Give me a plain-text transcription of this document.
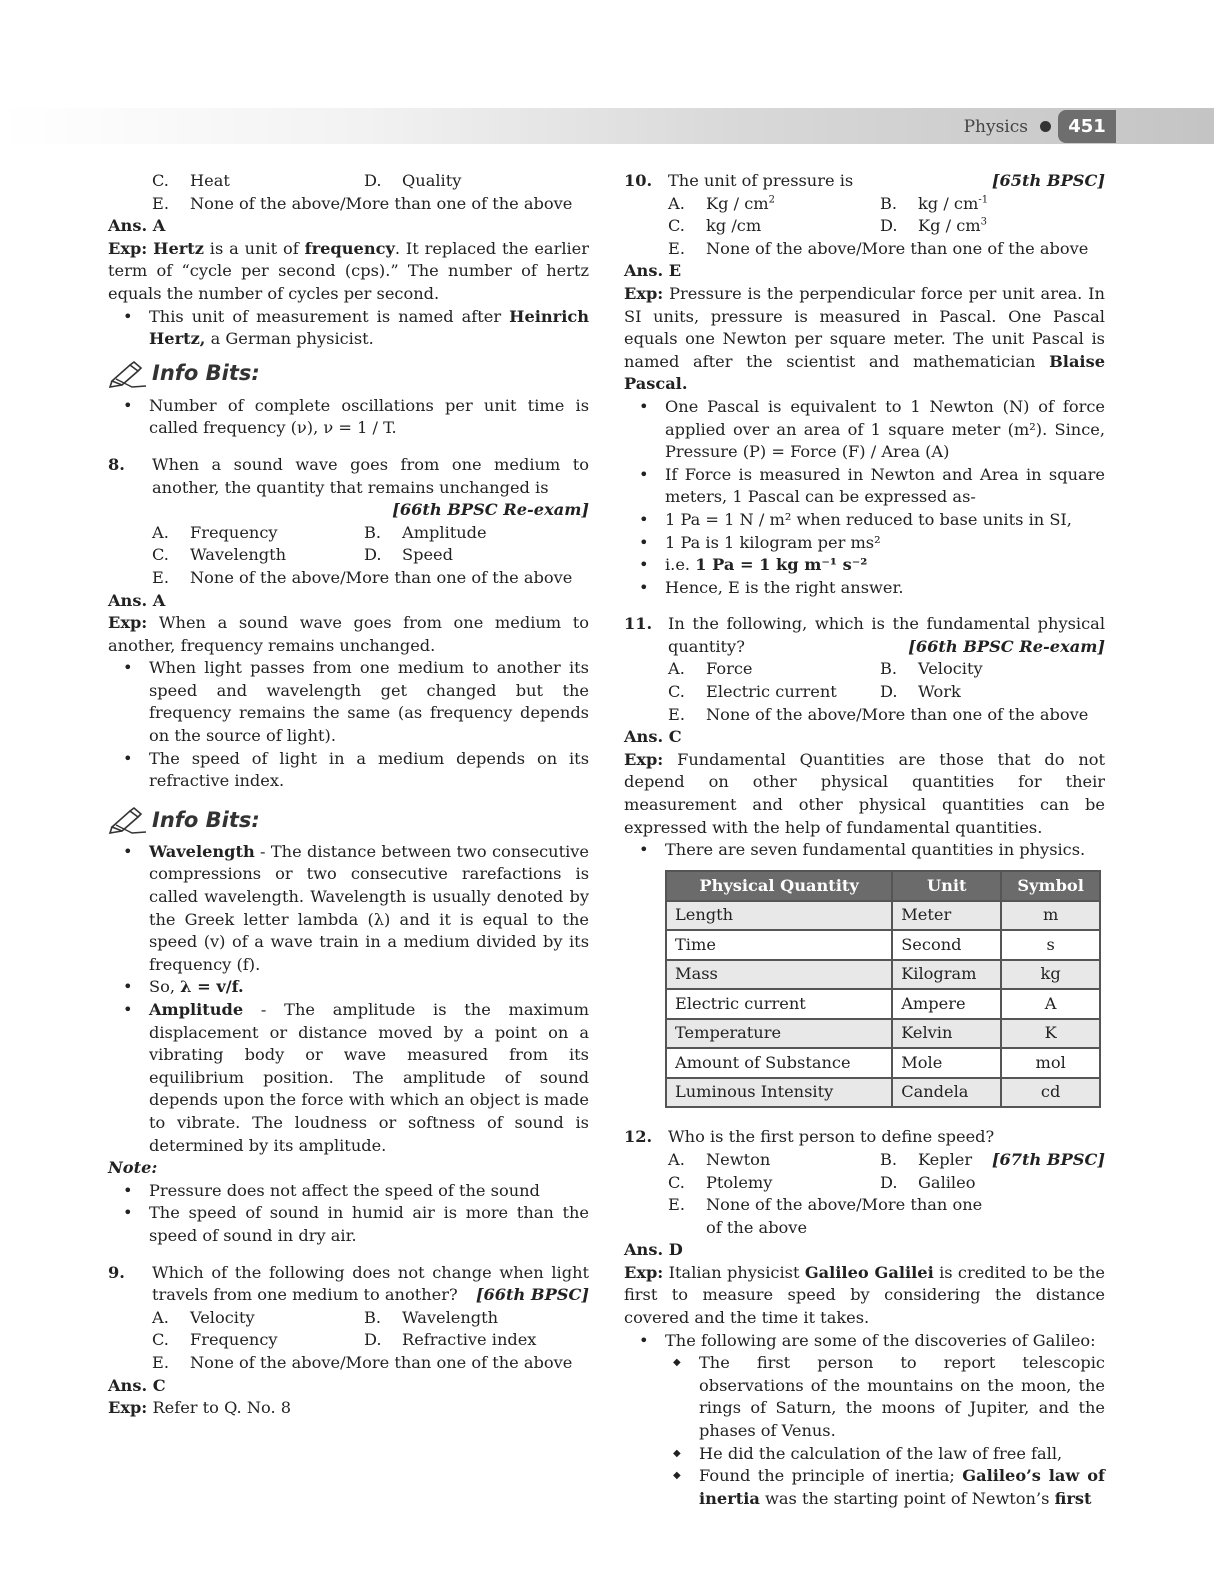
Physics	451
C.	Heat	D.	Quality
E.	None of the above/More than one of the above

Ans. A

Exp: Hertz is a unit of frequency. It replaced the earlier term of “cycle per second (cps).” The number of hertz equals the number of cycles per second.

• This unit of measurement is named after Heinrich Hertz, a German physicist.
Info Bits:
• Number of complete oscillations per unit time is called frequency (ν), ν = 1 / T.
8.	When a sound wave goes from one medium to another, the quantity that remains unchanged is

[66th BPSC Re-exam]

A.	Frequency	B.	Amplitude
C.	Wavelength	D.	Speed
E.	None of the above/More than one of the above

Ans. A

Exp: When a sound wave goes from one medium to another, frequency remains unchanged.

• When light passes from one medium to another its speed and wavelength get changed but the frequency remains the same (as frequency depends on the source of light).
• The speed of light in a medium depends on its refractive index.
Info Bits:
• Wavelength - The distance between two consecutive compressions or two consecutive rarefactions is called wavelength. Wavelength is usually denoted by the Greek letter lambda (λ) and it is equal to the speed (v) of a wave train in a medium divided by its frequency (f).
• So, λ = v/f.
• Amplitude - The amplitude is the maximum displacement or distance moved by a point on a vibrating body or wave measured from its equilibrium position. The amplitude of sound depends upon the force with which an object is made to vibrate. The loudness or softness of sound is determined by its amplitude.

Note:

• Pressure does not affect the speed of the sound
• The speed of sound in humid air is more than the speed of sound in dry air.
9.	Which of the following does not change when light travels from one medium to another? [66th BPSC]

A.	Velocity	B.	Wavelength
C.	Frequency	D.	Refractive index
E.	None of the above/More than one of the above

Ans. C

Exp: Refer to Q. No. 8

10. The unit of pressure is	[65th BPSC]

A.	Kg / $cm^2$	B.	kg / $cm^{-1}$
C.	kg /cm	D.	Kg / $cm^3$
E.	None of the above/More than one of the above

Ans. E

Exp: Pressure is the perpendicular force per unit area. In SI units, pressure is measured in Pascal. One Pascal equals one Newton per square meter. The unit Pascal is named after the scientist and mathematician Blaise Pascal.

• One Pascal is equivalent to 1 Newton (N) of force applied over an area of 1 square meter (m²). Since, Pressure (P) = Force (F) / Area (A)
• If Force is measured in Newton and Area in square meters, 1 Pascal can be expressed as-
• 1 Pa = 1 N / m² when reduced to base units in SI,
• 1 Pa is 1 kilogram per ms²
• i.e. 1 Pa = 1 kg m⁻¹ s⁻²
• Hence, E is the right answer.
11. In the following, which is the fundamental physical quantity?	[66th BPSC Re-exam]

A.	Force	B.	Velocity
C.	Electric current	D.	Work
E.	None of the above/More than one of the above

Ans. C

Exp: Fundamental Quantities are those that do not depend on other physical quantities for their measurement and other physical quantities can be expressed with the help of fundamental quantities.

• There are seven fundamental quantities in physics.
Physical Quantity	Unit	Symbol
Length	Meter	m
Time	Second	s
Mass	Kilogram	kg
Electric current	Ampere	A
Temperature	Kelvin	K
Amount of Substance	Mole	mol
Luminous Intensity	Candela	cd
12. Who is the first person to define speed?
[67th BPSC]

A.	Newton	B.	Kepler
C.	Ptolemy	D.	Galileo
E.	None of the above/More than one of the above

Ans. D

Exp: Italian physicist Galileo Galilei is credited to be the first to measure speed by considering the distance covered and the time it takes.

• The following are some of the discoveries of Galileo:
◆ The first person to report telescopic observations of the mountains on the moon, the rings of Saturn, the moons of Jupiter, and the phases of Venus.
◆ He did the calculation of the law of free fall,
◆ Found the principle of inertia; Galileo’s law of inertia was the starting point of Newton’s first
